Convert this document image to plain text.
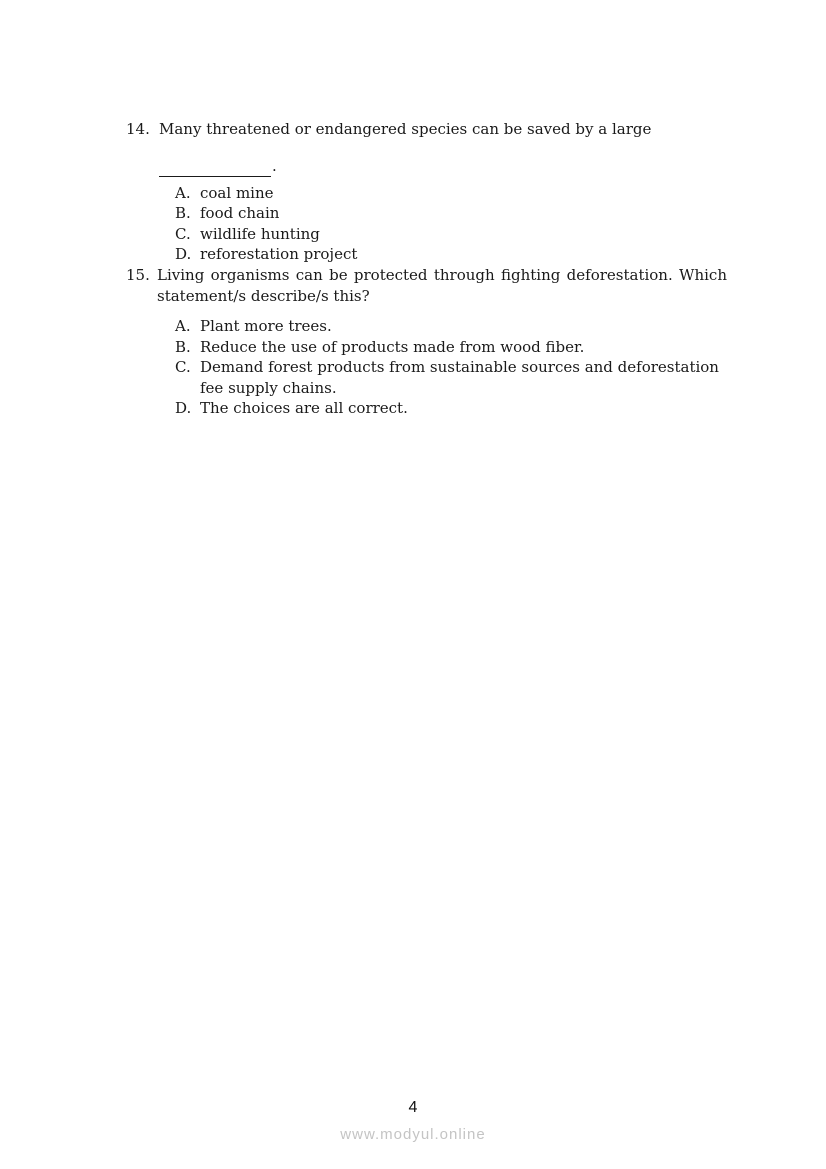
14. Many threatened or endangered species can be saved by a large
.
A. coal mine
B. food chain
C. wildlife hunting
D. reforestation project
15. Living organisms can be protected through fighting deforestation. Which statement/s describe/s this?
A. Plant more trees.
B. Reduce the use of products made from wood fiber.
C. Demand forest products from sustainable sources and deforestation fee supply chains.
D. The choices are all correct.
4
www.modyul.online
